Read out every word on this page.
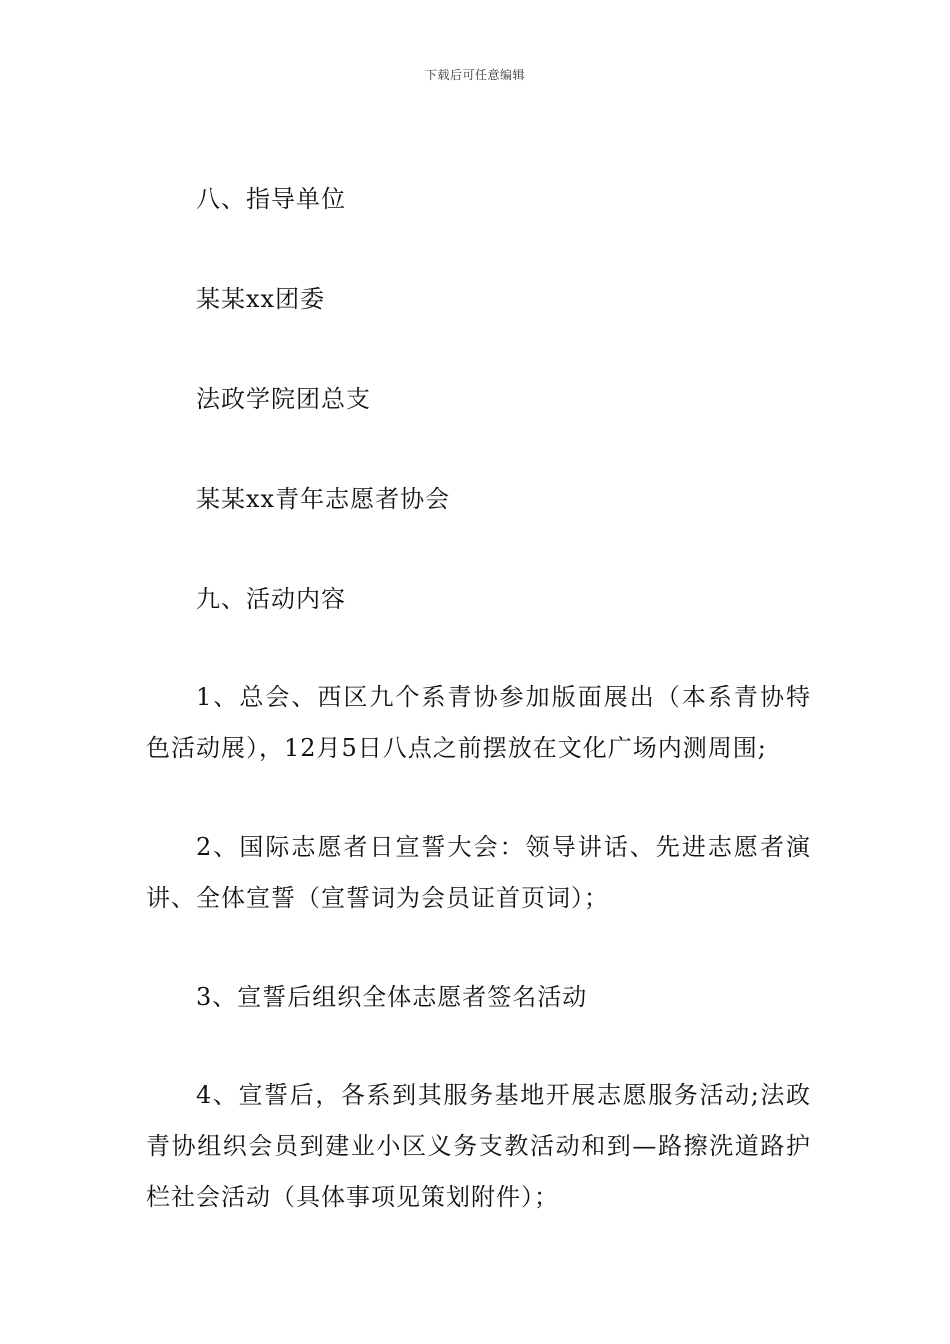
下载后可任意编辑
八、指导单位
某某xx团委
法政学院团总支
某某xx青年志愿者协会
九、活动内容
1、总会、西区九个系青协参加版面展出（本系青协特色活动展），12月5日八点之前摆放在文化广场内测周围;
2、国际志愿者日宣誓大会：领导讲话、先进志愿者演讲、全体宣誓（宣誓词为会员证首页词）；
3、宣誓后组织全体志愿者签名活动
4、宣誓后，各系到其服务基地开展志愿服务活动;法政青协组织会员到建业小区义务支教活动和到—路擦洗道路护栏社会活动（具体事项见策划附件）；
